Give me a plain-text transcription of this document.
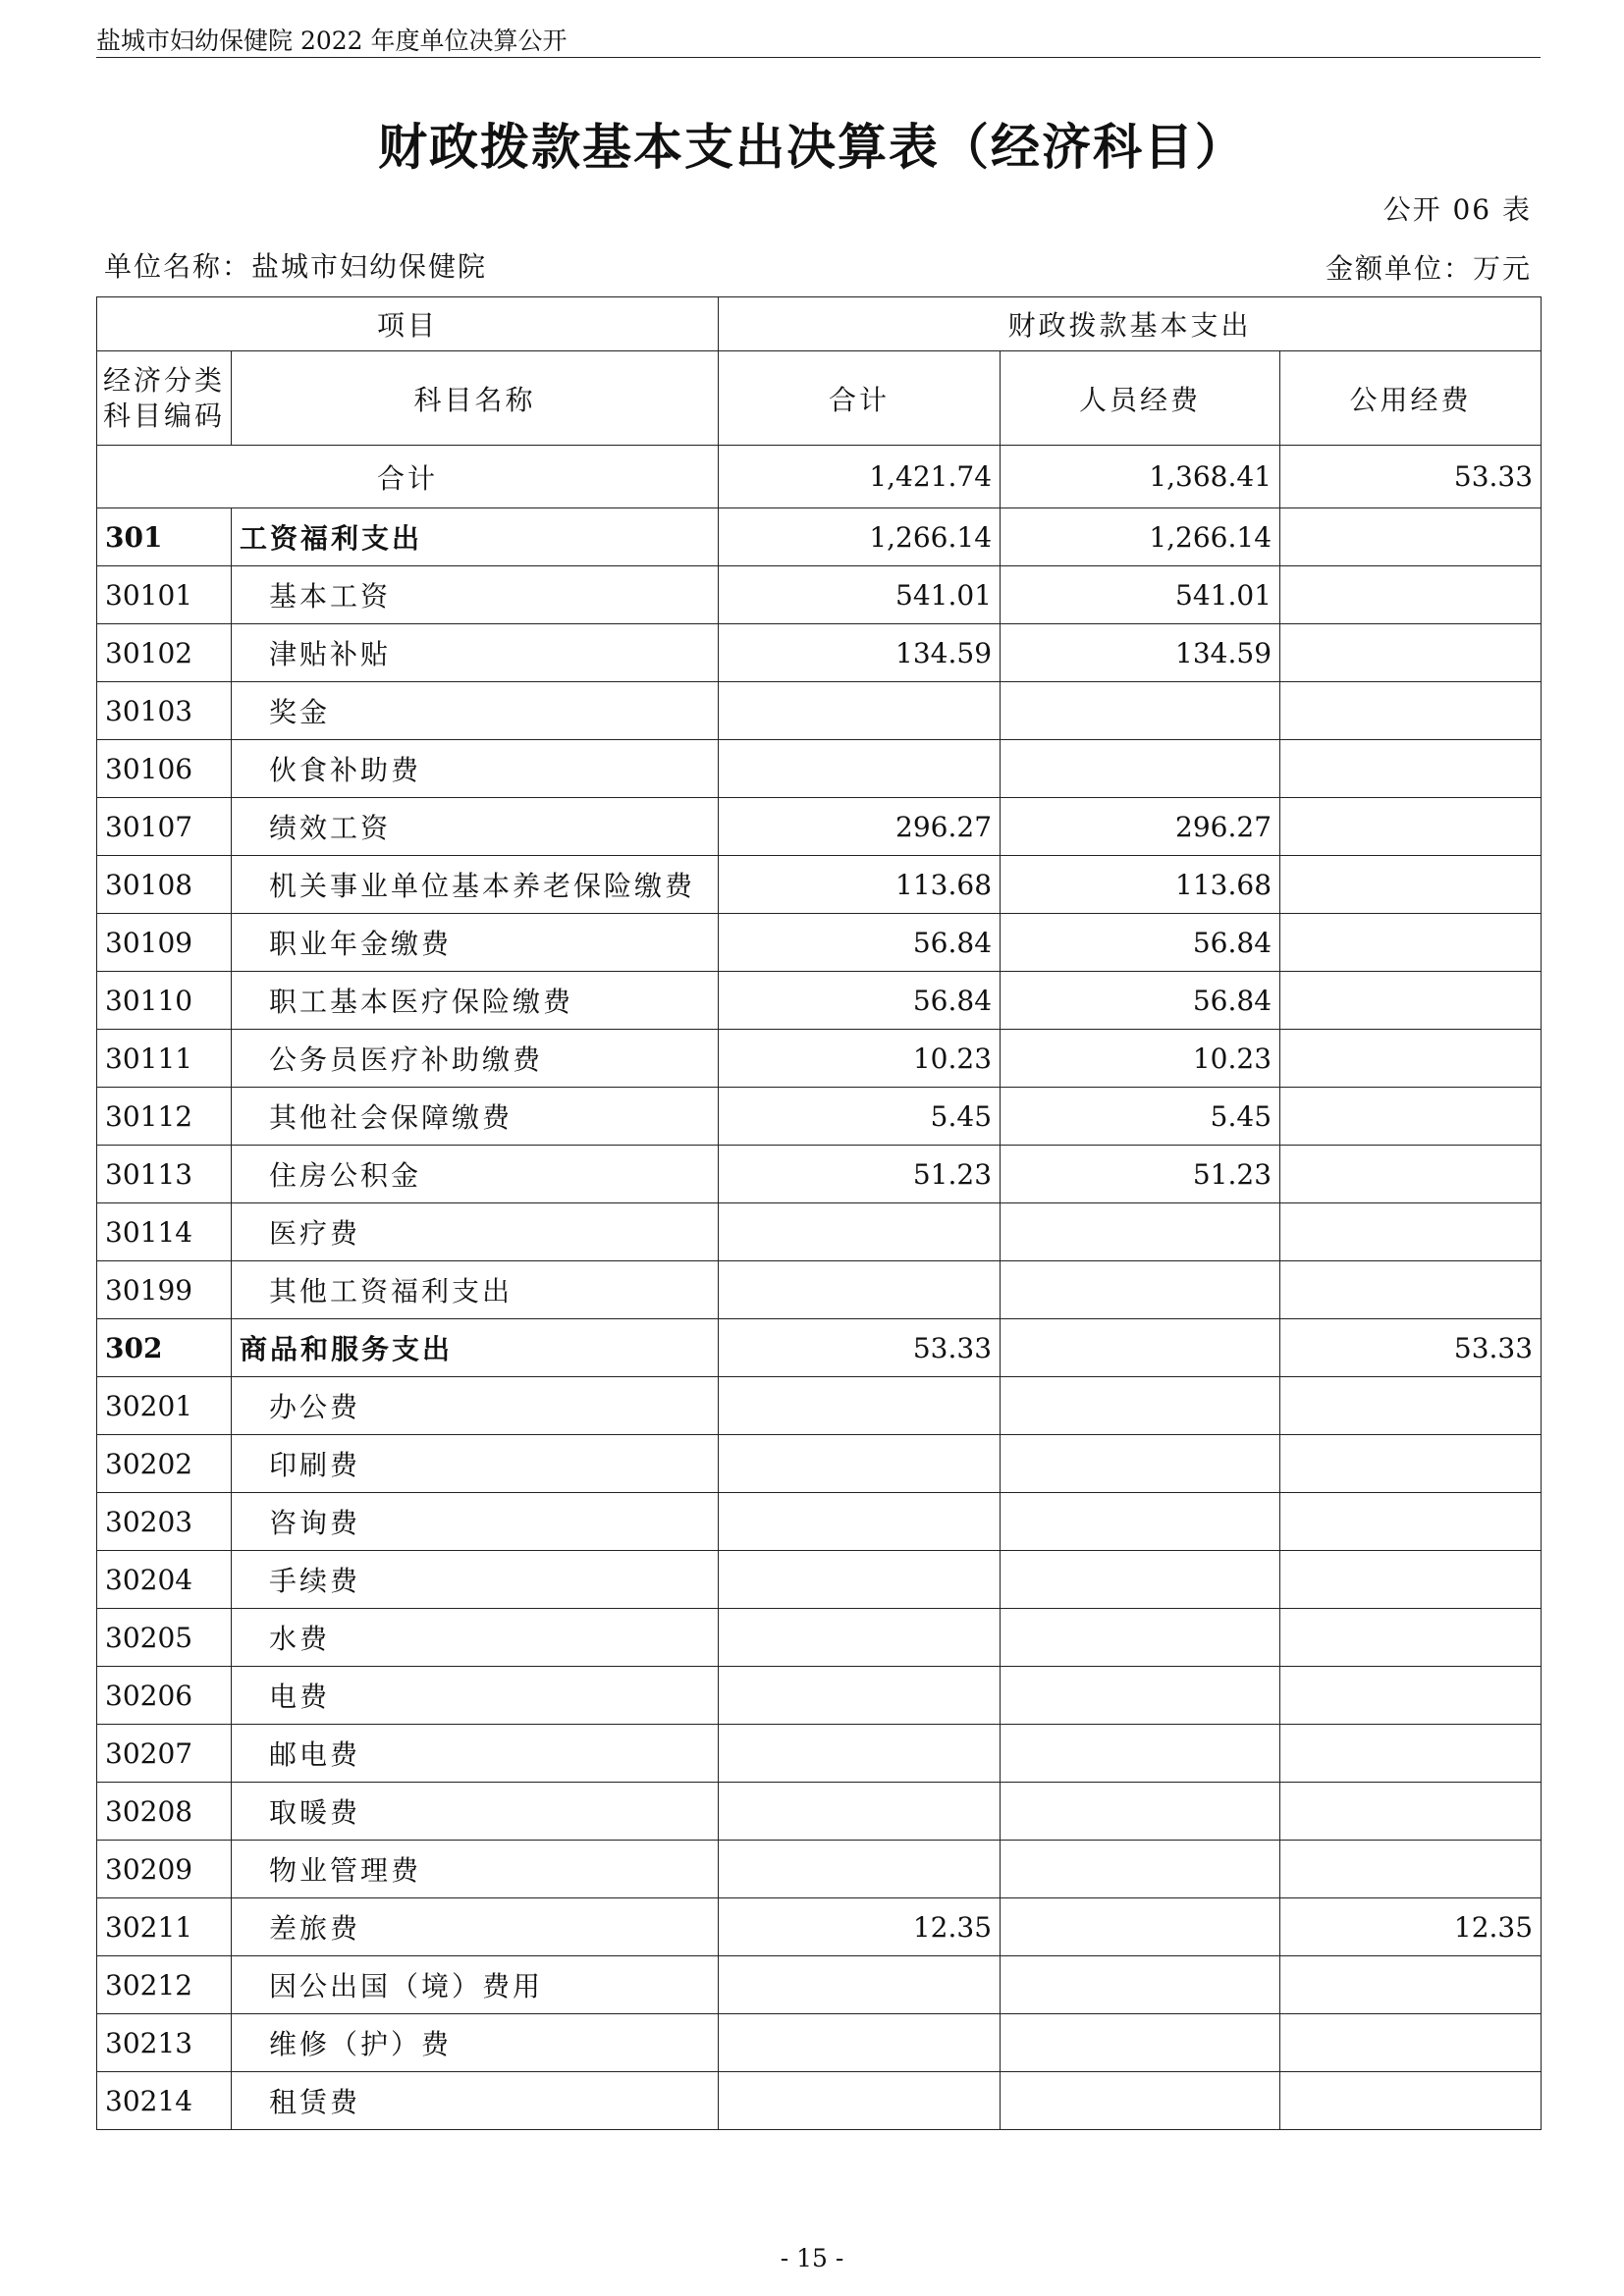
盐城市妇幼保健院 2022 年度单位决算公开
财政拨款基本支出决算表（经济科目）
公开 06 表
单位名称：盐城市妇幼保健院	金额单位：万元
项目		财政拨款基本支出		

经济分类
科目编码	科目名称	合计	人员经费	公用经费
合计		1,421.74	1,368.41	53.33
301	工资福利支出	1,266.14	1,266.14	
30101	基本工资	541.01	541.01	
30102	津贴补贴	134.59	134.59	
30103	奖金			
30106	伙食补助费			
30107	绩效工资	296.27	296.27	
30108	机关事业单位基本养老保险缴费	113.68	113.68	
30109	职业年金缴费	56.84	56.84	
30110	职工基本医疗保险缴费	56.84	56.84	
30111	公务员医疗补助缴费	10.23	10.23	
30112	其他社会保障缴费	5.45	5.45	
30113	住房公积金	51.23	51.23	
30114	医疗费			
30199	其他工资福利支出			
302	商品和服务支出	53.33		53.33
30201	办公费			
30202	印刷费			
30203	咨询费			
30204	手续费			
30205	水费			
30206	电费			
30207	邮电费			
30208	取暖费			
30209	物业管理费			
30211	差旅费	12.35		12.35
30212	因公出国（境）费用			
30213	维修（护）费			
30214	租赁费			
- 15 -
